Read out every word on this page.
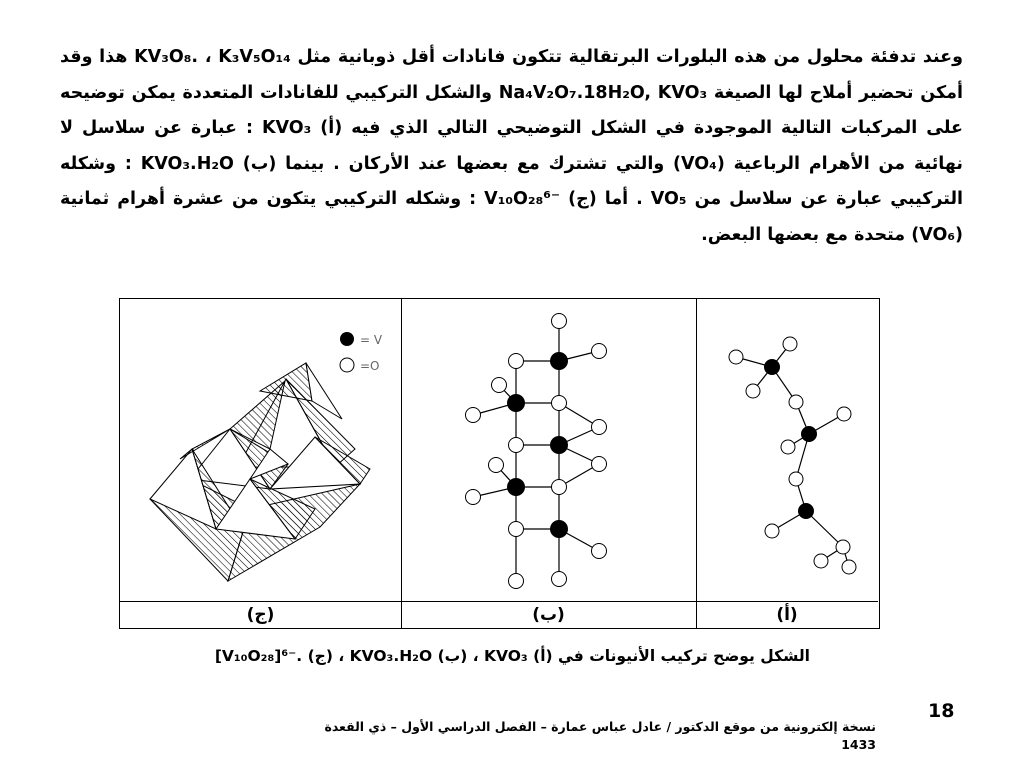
وعند تدفئة محلول من هذه البلورات البرتقالية تتكون فانادات أقل ذوبانية مثل K₃V₅O₁₄ ، KV₃O₈. هذا وقد أمكن تحضير أملاح لها الصيغة Na₄V₂O₇.18H₂O, KVO₃ والشكل التركيبي للفانادات المتعددة يمكن توضيحه على المركبات التالية الموجودة في الشكل التوضيحي التالي الذي فيه (أ) KVO₃ : عبارة عن سلاسل لا نهائية من الأهرام الرباعية (VO₄) والتي تشترك مع بعضها عند الأركان . بينما (ب) KVO₃.H₂O : وشكله التركيبي عبارة عن سلاسل من VO₅ . أما (ج) V₁₀O₂₈⁶⁻ : وشكله التركيبي يتكون من عشرة أهرام ثمانية (VO₆) متحدة مع بعضها البعض.

= V
=O
(ج)	(ب)	(أ)
الشكل يوضح تركيب الأنيونات في (أ) KVO₃ ، (ب) KVO₃.H₂O ، (ج) [V₁₀O₂₈]⁶⁻.
18
نسخة إلكترونية من موقع الدكتور / عادل عباس عمارة – الفصل الدراسي الأول – ذي القعدة 1433
